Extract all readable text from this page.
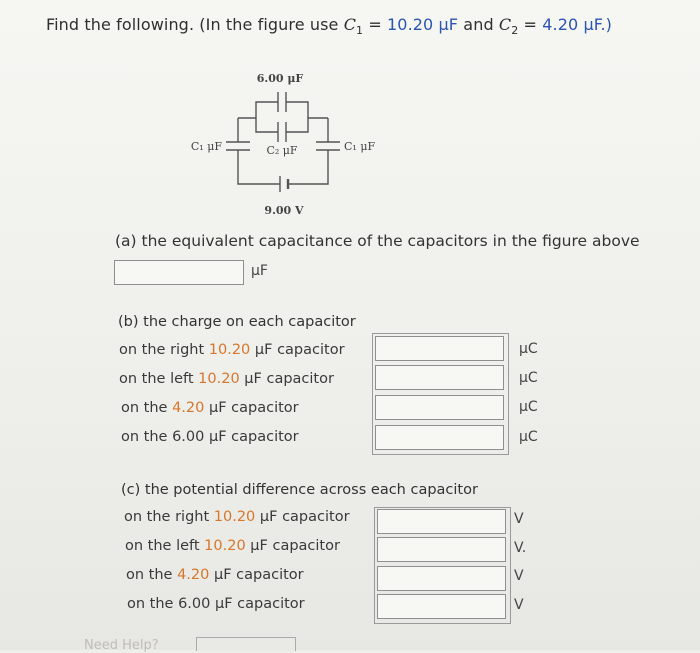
Find the following. (In the figure use $C_1 = 10.20$ μF and $C_2 = 4.20$ μF.)
6.00 μF
C₁ μF	C₂ μF	C₁ μF
9.00 V
(a) the equivalent capacitance of the capacitors in the figure above
μF
(b) the charge on each capacitor
on the right 10.20 μF capacitor	μC
on the left 10.20 μF capacitor	μC
on the 4.20 μF capacitor	μC
on the 6.00 μF capacitor	μC
(c) the potential difference across each capacitor
on the right 10.20 μF capacitor	V
on the left 10.20 μF capacitor	V.
on the 4.20 μF capacitor	V
on the 6.00 μF capacitor	V
Need Help?
